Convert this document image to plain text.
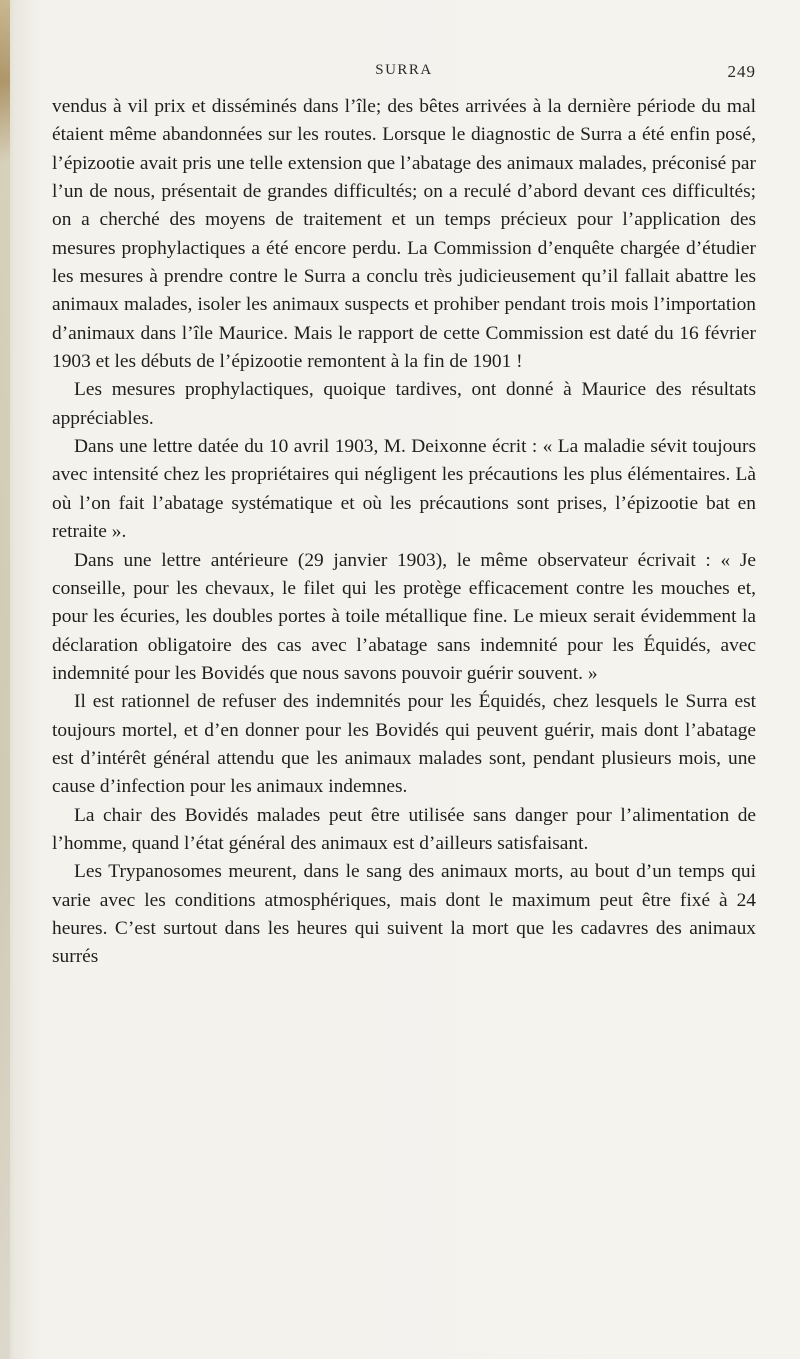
SURRA	249

vendus à vil prix et disséminés dans l’île; des bêtes arrivées à la dernière période du mal étaient même abandonnées sur les routes. Lorsque le diagnostic de Surra a été enfin posé, l’épizootie avait pris une telle extension que l’abatage des animaux malades, préconisé par l’un de nous, présentait de grandes difficultés; on a reculé d’abord devant ces difficultés; on a cherché des moyens de traitement et un temps précieux pour l’application des mesures prophylactiques a été encore perdu. La Commission d’enquête chargée d’étudier les mesures à prendre contre le Surra a conclu très judicieusement qu’il fallait abattre les animaux malades, isoler les animaux suspects et prohiber pendant trois mois l’importation d’animaux dans l’île Maurice. Mais le rapport de cette Commission est daté du 16 février 1903 et les débuts de l’épizootie remontent à la fin de 1901 !

Les mesures prophylactiques, quoique tardives, ont donné à Maurice des résultats appréciables.

Dans une lettre datée du 10 avril 1903, M. Deixonne écrit : « La maladie sévit toujours avec intensité chez les propriétaires qui négligent les précautions les plus élémentaires. Là où l’on fait l’abatage systématique et où les précautions sont prises, l’épizootie bat en retraite ».

Dans une lettre antérieure (29 janvier 1903), le même observateur écrivait : « Je conseille, pour les chevaux, le filet qui les protège efficacement contre les mouches et, pour les écuries, les doubles portes à toile métallique fine. Le mieux serait évidemment la déclaration obligatoire des cas avec l’abatage sans indemnité pour les Équidés, avec indemnité pour les Bovidés que nous savons pouvoir guérir souvent. »

Il est rationnel de refuser des indemnités pour les Équidés, chez lesquels le Surra est toujours mortel, et d’en donner pour les Bovidés qui peuvent guérir, mais dont l’abatage est d’intérêt général attendu que les animaux malades sont, pendant plusieurs mois, une cause d’infection pour les animaux indemnes.

La chair des Bovidés malades peut être utilisée sans danger pour l’alimentation de l’homme, quand l’état général des animaux est d’ailleurs satisfaisant.

Les Trypanosomes meurent, dans le sang des animaux morts, au bout d’un temps qui varie avec les conditions atmosphériques, mais dont le maximum peut être fixé à 24 heures. C’est surtout dans les heures qui suivent la mort que les cadavres des animaux surrés
